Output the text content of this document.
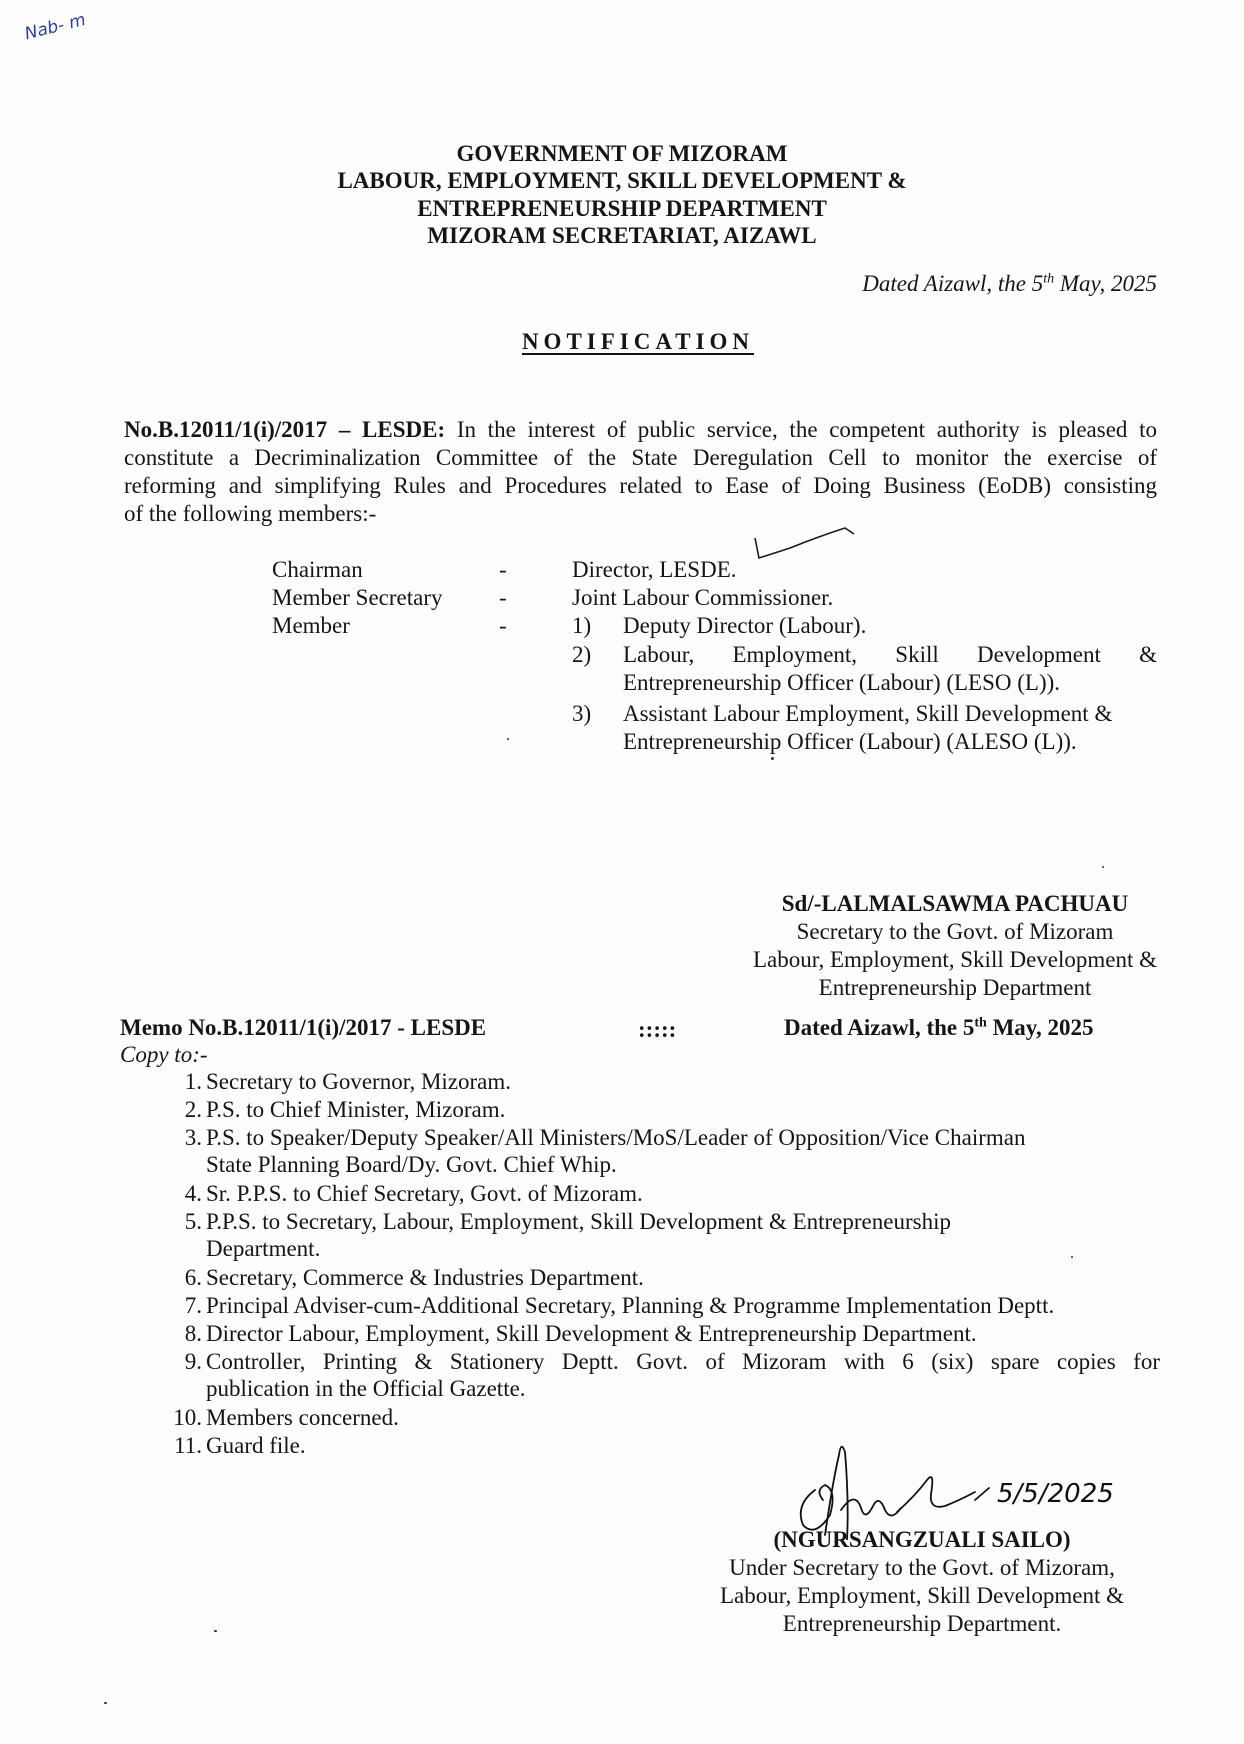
Nab- m
GOVERNMENT OF MIZORAM
LABOUR, EMPLOYMENT, SKILL DEVELOPMENT &
ENTREPRENEURSHIP DEPARTMENT
MIZORAM SECRETARIAT, AIZAWL
Dated Aizawl, the 5th May, 2025
NOTIFICATION
No.B.12011/1(i)/2017 – LESDE: In the interest of public service, the competent authority is pleased to
constitute a Decriminalization Committee of the State Deregulation Cell to monitor the exercise of
reforming and simplifying Rules and Procedures related to Ease of Doing Business (EoDB) consisting
of the following members:-
Chairman	-	Director, LESDE.
Member Secretary	-	Joint Labour Commissioner.
Member	-	1)	Deputy Director (Labour).
2)	Labour, Employment, Skill Development &
Entrepreneurship Officer (Labour) (LESO (L)).
3)	Assistant Labour Employment, Skill Development &
Entrepreneurship Officer (Labour) (ALESO (L)).
Sd/-LALMALSAWMA PACHUAU
Secretary to the Govt. of Mizoram
Labour, Employment, Skill Development &
Entrepreneurship Department
Memo No.B.12011/1(i)/2017 - LESDE	:::::	Dated Aizawl, the 5th May, 2025
Copy to:-
1. Secretary to Governor, Mizoram.
2. P.S. to Chief Minister, Mizoram.
3. P.S. to Speaker/Deputy Speaker/All Ministers/MoS/Leader of Opposition/Vice Chairman
State Planning Board/Dy. Govt. Chief Whip.
4. Sr. P.P.S. to Chief Secretary, Govt. of Mizoram.
5. P.P.S. to Secretary, Labour, Employment, Skill Development & Entrepreneurship
Department.
6. Secretary, Commerce & Industries Department.
7. Principal Adviser-cum-Additional Secretary, Planning & Programme Implementation Deptt.
8. Director Labour, Employment, Skill Development & Entrepreneurship Department.
9. Controller, Printing & Stationery Deptt. Govt. of Mizoram with 6 (six) spare copies for
publication in the Official Gazette.
10. Members concerned.
11. Guard file.
5/5/2025
(NGURSANGZUALI SAILO)
Under Secretary to the Govt. of Mizoram,
Labour, Employment, Skill Development &
Entrepreneurship Department.
